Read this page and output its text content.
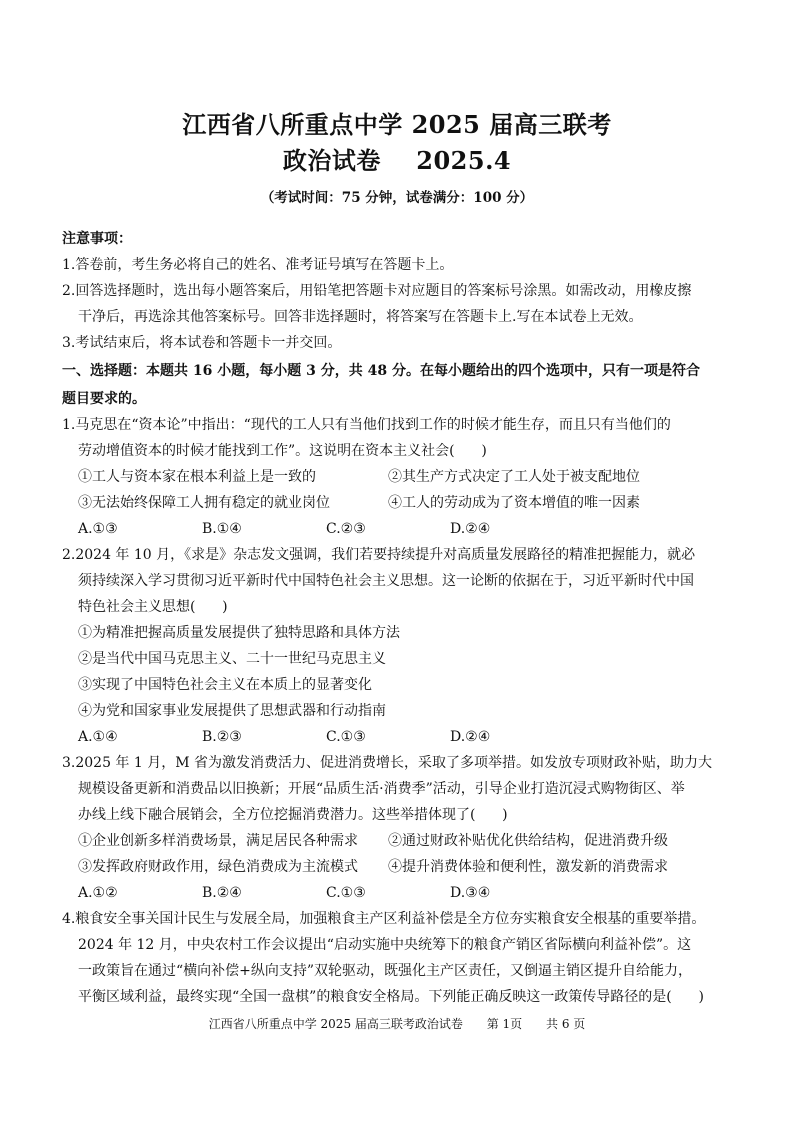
江西省八所重点中学 2025 届高三联考
政治试卷    2025.4
（考试时间：75 分钟，试卷满分：100 分）
注意事项：
1.答卷前，考生务必将自己的姓名、准考证号填写在答题卡上。
2.回答选择题时，选出每小题答案后，用铅笔把答题卡对应题目的答案标号涂黑。如需改动，用橡皮擦
干净后，再选涂其他答案标号。回答非选择题时，将答案写在答题卡上.写在本试卷上无效。
3.考试结束后，将本试卷和答题卡一并交回。
一、选择题：本题共 16 小题，每小题 3 分，共 48 分。在每小题给出的四个选项中，只有一项是符合
题目要求的。
1.马克思在“资本论”中指出：“现代的工人只有当他们找到工作的时候才能生存，而且只有当他们的
劳动增值资本的时候才能找到工作”。这说明在资本主义社会(      )
①工人与资本家在根本利益上是一致的	②其生产方式决定了工人处于被支配地位
③无法始终保障工人拥有稳定的就业岗位	④工人的劳动成为了资本增值的唯一因素
A.①③	B.①④	C.②③	D.②④
2.2024 年 10 月，《求是》杂志发文强调，我们若要持续提升对高质量发展路径的精准把握能力，就必
须持续深入学习贯彻习近平新时代中国特色社会主义思想。这一论断的依据在于，习近平新时代中国
特色社会主义思想(      )
①为精准把握高质量发展提供了独特思路和具体方法
②是当代中国马克思主义、二十一世纪马克思主义
③实现了中国特色社会主义在本质上的显著变化
④为党和国家事业发展提供了思想武器和行动指南
A.①④	B.②③	C.①③	D.②④
3.2025 年 1 月，M 省为激发消费活力、促进消费增长，采取了多项举措。如发放专项财政补贴，助力大
规模设备更新和消费品以旧换新；开展“品质生活·消费季”活动，引导企业打造沉浸式购物街区、举
办线上线下融合展销会，全方位挖掘消费潜力。这些举措体现了(      )
①企业创新多样消费场景，满足居民各种需求	②通过财政补贴优化供给结构，促进消费升级
③发挥政府财政作用，绿色消费成为主流模式	④提升消费体验和便利性，激发新的消费需求
A.①②	B.②④	C.①③	D.③④
4.粮食安全事关国计民生与发展全局，加强粮食主产区利益补偿是全方位夯实粮食安全根基的重要举措。
2024 年 12 月，中央农村工作会议提出“启动实施中央统筹下的粮食产销区省际横向利益补偿”。这
一政策旨在通过“横向补偿+纵向支持”双轮驱动，既强化主产区责任，又倒逼主销区提升自给能力，
平衡区域利益，最终实现“全国一盘棋”的粮食安全格局。下列能正确反映这一政策传导路径的是(      )
江西省八所重点中学 2025 届高三联考政治试卷 第 1页 共 6 页
